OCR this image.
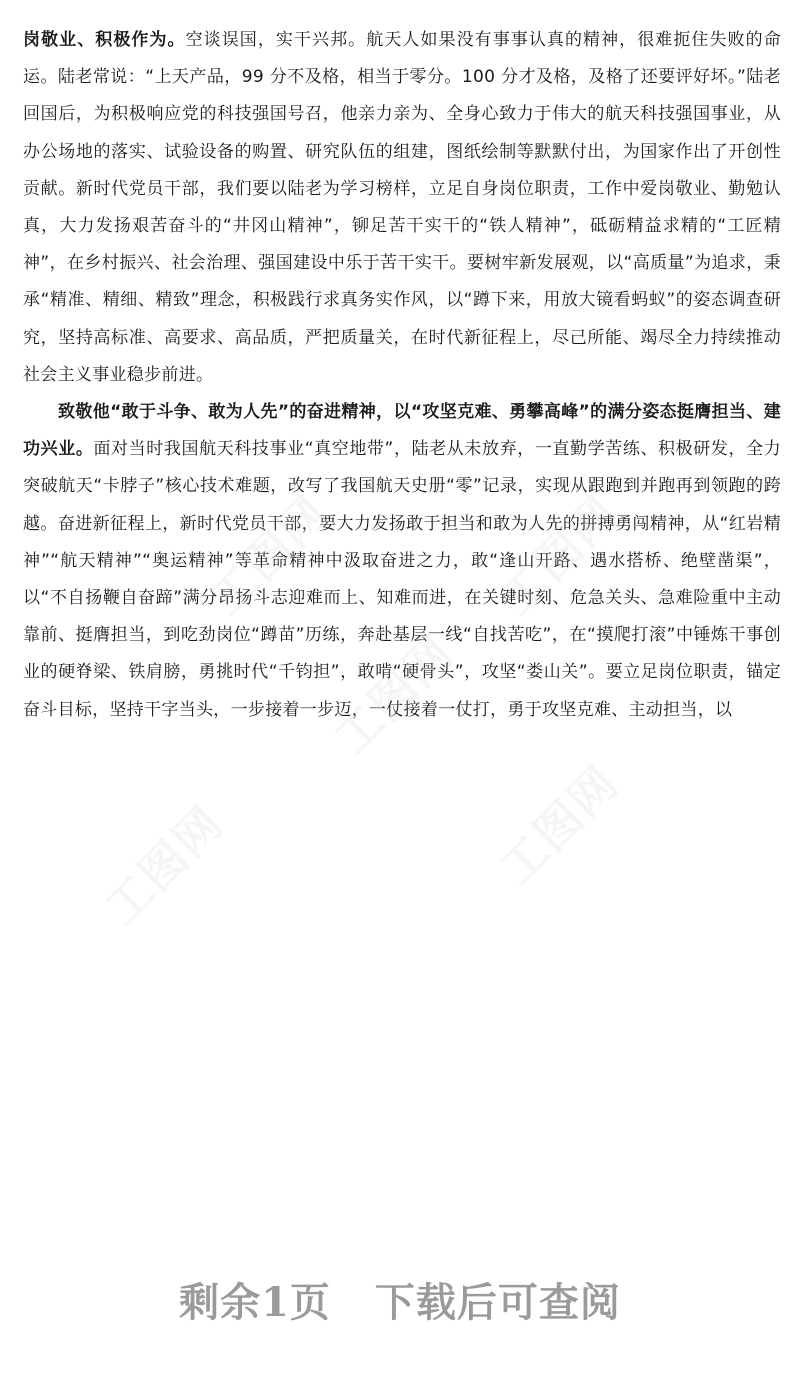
岗敬业、积极作为。空谈误国，实干兴邦。航天人如果没有事事认真的精神，很难扼住失败的命运。陆老常说：“上天产品，99 分不及格，相当于零分。100 分才及格，及格了还要评好坏。”陆老回国后，为积极响应党的科技强国号召，他亲力亲为、全身心致力于伟大的航天科技强国事业，从办公场地的落实、试验设备的购置、研究队伍的组建，图纸绘制等默默付出，为国家作出了开创性贡献。新时代党员干部，我们要以陆老为学习榜样，立足自身岗位职责，工作中爱岗敬业、勤勉认真，大力发扬艰苦奋斗的“井冈山精神”，铆足苦干实干的“铁人精神”，砥砺精益求精的“工匠精神”，在乡村振兴、社会治理、强国建设中乐于苦干实干。要树牢新发展观，以“高质量”为追求，秉承“精准、精细、精致”理念，积极践行求真务实作风，以“蹲下来，用放大镜看蚂蚁”的姿态调查研究，坚持高标准、高要求、高品质，严把质量关，在时代新征程上，尽己所能、竭尽全力持续推动社会主义事业稳步前进。

致敬他“敢于斗争、敢为人先”的奋进精神，以“攻坚克难、勇攀高峰”的满分姿态挺膺担当、建功兴业。面对当时我国航天科技事业“真空地带”，陆老从未放弃，一直勤学苦练、积极研发，全力突破航天“卡脖子”核心技术难题，改写了我国航天史册“零”记录，实现从跟跑到并跑再到领跑的跨越。奋进新征程上，新时代党员干部，要大力发扬敢于担当和敢为人先的拼搏勇闯精神，从“红岩精神”“航天精神”“奥运精神”等革命精神中汲取奋进之力，敢“逢山开路、遇水搭桥、绝壁凿渠”，以“不自扬鞭自奋蹄”满分昂扬斗志迎难而上、知难而进，在关键时刻、危急关头、急难险重中主动靠前、挺膺担当，到吃劲岗位“蹲苗”历练，奔赴基层一线“自找苦吃”，在“摸爬打滚”中锤炼干事创业的硬脊梁、铁肩膀，勇挑时代“千钧担”，敢啃“硬骨头”，攻坚“娄山关”。要立足岗位职责，锚定奋斗目标，坚持干字当头，一步接着一步迈，一仗接着一仗打，勇于攻坚克难、主动担当，以

工图网	工图网
工图网
工图网	工图网
剩余1页 下载后可查阅
